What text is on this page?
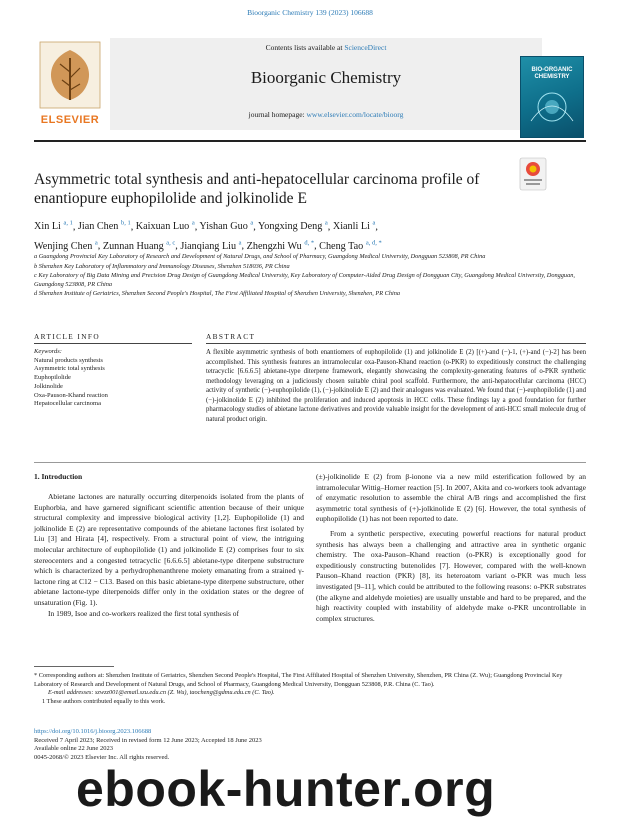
Bioorganic Chemistry 139 (2023) 106688
ELSEVIER
Contents lists available at ScienceDirect
Bioorganic Chemistry
journal homepage: www.elsevier.com/locate/bioorg
BIO-ORGANIC CHEMISTRY
Asymmetric total synthesis and anti-hepatocellular carcinoma profile of enantiopure euphopilolide and jolkinolide E
Xin Li $^{a, 1}$, Jian Chen $^{b, 1}$, Kaixuan Luo $^a$, Yishan Guo $^a$, Yongxing Deng $^a$, Xianli Li $^a$,
Wenjing Chen $^a$, Zunnan Huang $^{a, c}$, Jianqiang Liu $^a$, Zhengzhi Wu $^{d, *}$, Cheng Tao $^{a, d, *}$
a Guangdong Provincial Key Laboratory of Research and Development of Natural Drugs, and School of Pharmacy, Guangdong Medical University, Dongguan 523808, PR China
b Shenzhen Key Laboratory of Inflammatory and Immunology Diseases, Shenzhen 518036, PR China
c Key Laboratory of Big Data Mining and Precision Drug Design of Guangdong Medical University, Key Laboratory of Computer-Aided Drug Design of Dongguan City, Guangdong Medical University, Dongguan, Guangdong 523808, PR China
d Shenzhen Institute of Geriatrics, Shenzhen Second People's Hospital, The First Affiliated Hospital of Shenzhen University, Shenzhen, PR China
ARTICLE INFO	ABSTRACT
Keywords:
Natural products synthesis
Asymmetric total synthesis
Euphopilolide
Jolkinolide
Oxa-Pauson-Khand reaction
Hepatocellular carcinoma
A flexible asymmetric synthesis of both enantiomers of euphopilolide (1) and jolkinolide E (2) [(+)-and (−)-1, (+)-and (−)-2] has been accomplished. This synthesis features an intramolecular oxa-Pauson-Khand reaction (o-PKR) to expeditiously construct the challenging tetracyclic [6.6.6.5] abietane-type diterpene framework, elegantly showcasing the complexity-generating features of o-PKR synthetic methodology leveraging on a judiciously chosen suitable chiral pool scaffold. Furthermore, the anti-hepatocellular carcinoma (HCC) activity of synthetic (−)-euphopilolide (1), (−)-jolkinolide E (2) and their analogues was evaluated. We found that (−)-euphopilolide (1) and (−)-jolkinolide E (2) inhibited the proliferation and induced apoptosis in HCC cells. These findings lay a good foundation for further pharmacology studies of abietane lactone derivatives and provide valuable insight for the development of anti-HCC small molecule drug of natural product origin.
1. Introduction

Abietane lactones are naturally occurring diterpenoids isolated from the plants of Euphorbia, and have garnered significant scientific attention because of their unique structural complexity and impressive biological activity [1,2]. Euphopilolide (1) and jolkinolide E (2) are representative compounds of the abietane lactones first isolated by Liu [3] and Hirata [4], respectively. From a structural point of view, the intriguing molecular architecture of euphopilolide (1) and jolkinolide E (2) comprises four to six stereocenters and a congested tetracyclic [6.6.6.5] abietane-type diterpene substructure which is characterized by a perhydrophenanthrene moiety emanating from a strained γ-lactone ring at C12 − C13. Based on this basic abietane-type diterpene substructure, other abietane lactone-type diterpenoids differ only in the oxidation states or the degree of unsaturation (Fig. 1).

In 1989, Isoe and co-workers realized the first total synthesis of

(±)-jolkinolide E (2) from β-ionone via a new mild esterification followed by an intramolecular Wittig–Horner reaction [5]. In 2007, Akita and co-workers took advantage of enzymatic resolution to assemble the chiral A/B rings and accomplished the first asymmetric total synthesis of (+)-jolkinolide E (2) [6]. However, the total synthesis of euphopilolide (1) has not been reported to date.

From a synthetic perspective, executing powerful reactions for natural product synthesis has always been a challenging and attractive area in synthetic organic chemistry. The oxa-Pauson–Khand reaction (o-PKR) is exceptionally good for expeditiously constructing butenolides [7]. However, compared with the well-known Pauson–Khand reaction (PKR) [8], its heteroatom variant o-PKR was much less investigated [9–11], which could be attributed to the following reasons: o-PKR substrates (the alkyne and aldehyde moieties) are usually unstable and hard to be prepared, and the high reactivity coupled with instability of aldehyde make o-PKR uncontrollable in complex structures.

* Corresponding authors at: Shenzhen Institute of Geriatrics, Shenzhen Second People's Hospital, The First Affiliated Hospital of Shenzhen University, Shenzhen, PR China (Z. Wu); Guangdong Provincial Key Laboratory of Research and Development of Natural Drugs, and School of Pharmacy, Guangdong Medical University, Dongguan 523808, P.R. China (C. Tao).

E-mail addresses: szwzz001@email.szu.edu.cn (Z. Wu), taocheng@gdmu.edu.cn (C. Tao).

1 These authors contributed equally to this work.

https://doi.org/10.1016/j.bioorg.2023.106688
Received 7 April 2023; Received in revised form 12 June 2023; Accepted 18 June 2023
Available online 22 June 2023
0045-2068/© 2023 Elsevier Inc. All rights reserved.
ebook-hunter.org
